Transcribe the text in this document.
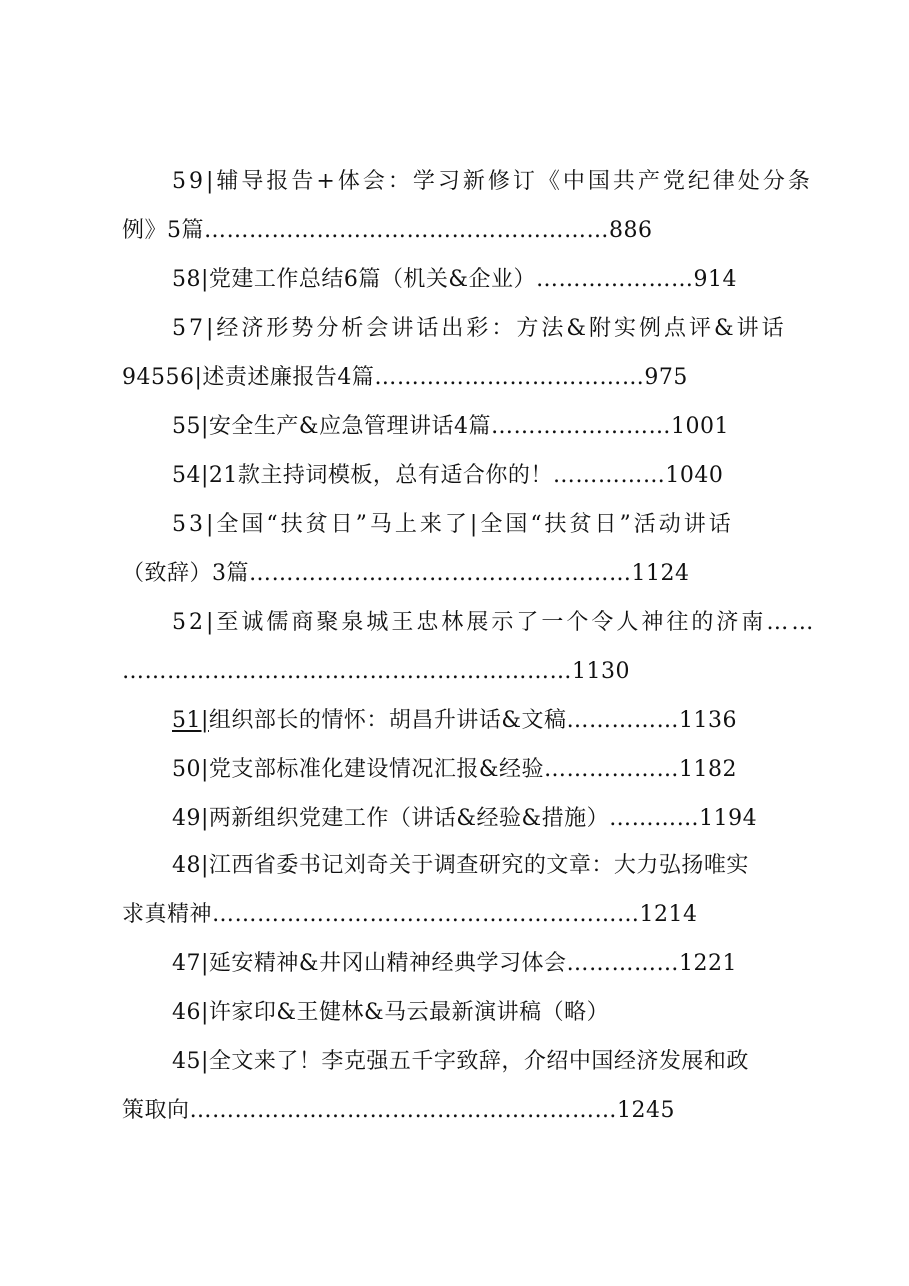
59|辅导报告+体会：学习新修订《中国共产党纪律处分条
例》5篇………………………………………………886
58|党建工作总结6篇（机关&企业）…………………914
57|经济形势分析会讲话出彩：方法&附实例点评&讲话
94556|述责述廉报告4篇………………………………975
55|安全生产&应急管理讲话4篇……………………1001
54|21款主持词模板，总有适合你的！……………1040
53|全国“扶贫日”马上来了|全国“扶贫日”活动讲话
（致辞）3篇……………………………………………1124
52|至诚儒商聚泉城王忠林展示了一个令人神往的济南……
……………………………………………………1130
51|组织部长的情怀：胡昌升讲话&文稿……………1136
50|党支部标准化建设情况汇报&经验………………1182
49|两新组织党建工作（讲话&经验&措施）…………1194
48|江西省委书记刘奇关于调查研究的文章：大力弘扬唯实
求真精神…………………………………………………1214
47|延安精神&井冈山精神经典学习体会……………1221
46|许家印&王健林&马云最新演讲稿（略）
45|全文来了！李克强五千字致辞，介绍中国经济发展和政
策取向…………………………………………………1245
